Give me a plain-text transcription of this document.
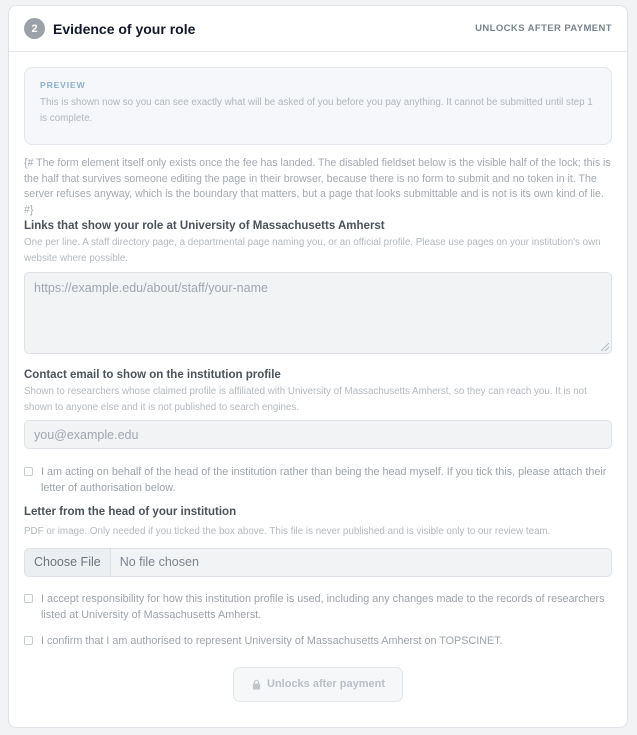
2	Evidence of your role	UNLOCKS AFTER PAYMENT
PREVIEW
This is shown now so you can see exactly what will be asked of you before you pay anything. It cannot be submitted until step 1 is complete.
{# The form element itself only exists once the fee has landed. The disabled fieldset below is the visible half of the lock; this is the half that survives someone editing the page in their browser, because there is no form to submit and no token in it. The server refuses anyway, which is the boundary that matters, but a page that looks submittable and is not is its own kind of lie. #}
Links that show your role at University of Massachusetts Amherst
One per line. A staff directory page, a departmental page naming you, or an official profile. Please use pages on your institution's own website where possible.
https://example.edu/about/staff/your-name
Contact email to show on the institution profile
Shown to researchers whose claimed profile is affiliated with University of Massachusetts Amherst, so they can reach you. It is not shown to anyone else and it is not published to search engines.
you@example.edu
I am acting on behalf of the head of the institution rather than being the head myself. If you tick this, please attach their letter of authorisation below.
Letter from the head of your institution
PDF or image. Only needed if you ticked the box above. This file is never published and is visible only to our review team.
Choose File	No file chosen
I accept responsibility for how this institution profile is used, including any changes made to the records of researchers listed at University of Massachusetts Amherst.
I confirm that I am authorised to represent University of Massachusetts Amherst on TOPSCINET.
Unlocks after payment
